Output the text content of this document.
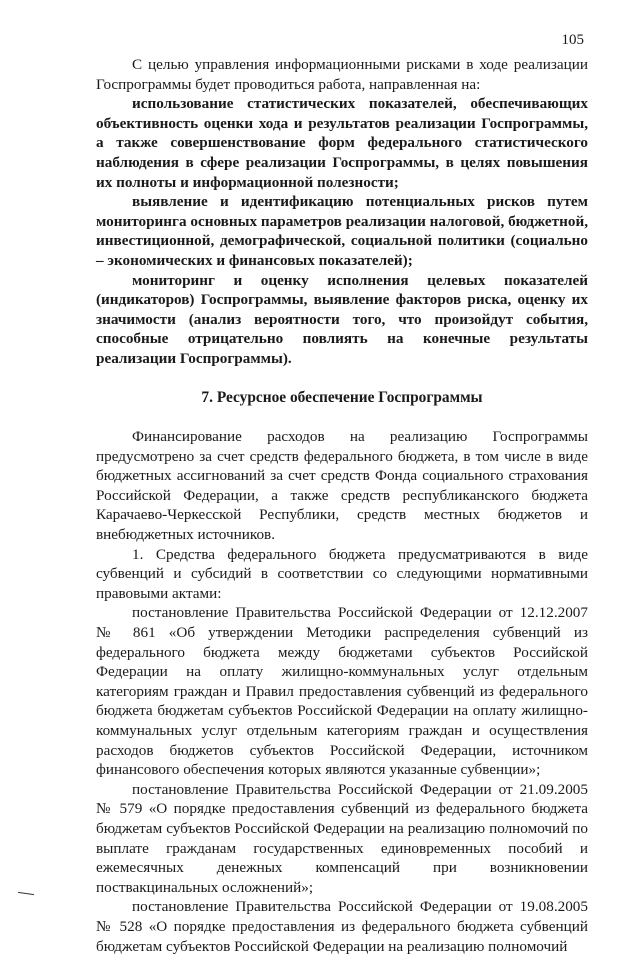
105

С целью управления информационными рисками в ходе реализации Госпрограммы будет проводиться работа, направленная на:

использование статистических показателей, обеспечивающих объективность оценки хода и результатов реализации Госпрограммы, а также совершенствование форм федерального статистического наблюдения в сфере реализации Госпрограммы, в целях повышения их полноты и информационной полезности;

выявление и идентификацию потенциальных рисков путем мониторинга основных параметров реализации налоговой, бюджетной, инвестиционной, демографической, социальной политики (социально – экономических и финансовых показателей);

мониторинг и оценку исполнения целевых показателей (индикаторов) Госпрограммы, выявление факторов риска, оценку их значимости (анализ вероятности того, что произойдут события, способные отрицательно повлиять на конечные результаты реализации Госпрограммы).

7. Ресурсное обеспечение Госпрограммы

Финансирование расходов на реализацию Госпрограммы предусмотрено за счет средств федерального бюджета, в том числе в виде бюджетных ассигнований за счет средств Фонда социального страхования Российской Федерации, а также средств республиканского бюджета Карачаево-Черкесской Республики, средств местных бюджетов и внебюджетных источников.

1. Средства федерального бюджета предусматриваются в виде субвенций и субсидий в соответствии со следующими нормативными правовыми актами:

постановление Правительства Российской Федерации от 12.12.2007 № 861 «Об утверждении Методики распределения субвенций из федерального бюджета между бюджетами субъектов Российской Федерации на оплату жилищно-коммунальных услуг отдельным категориям граждан и Правил предоставления субвенций из федерального бюджета бюджетам субъектов Российской Федерации на оплату жилищно-коммунальных услуг отдельным категориям граждан и осуществления расходов бюджетов субъектов Российской Федерации, источником финансового обеспечения которых являются указанные субвенции»;

постановление Правительства Российской Федерации от 21.09.2005 № 579 «О порядке предоставления субвенций из федерального бюджета бюджетам субъектов Российской Федерации на реализацию полномочий по выплате гражданам государственных единовременных пособий и ежемесячных денежных компенсаций при возникновении поствакцинальных осложнений»;

постановление Правительства Российской Федерации от 19.08.2005 № 528 «О порядке предоставления из федерального бюджета субвенций бюджетам субъектов Российской Федерации на реализацию полномочий
